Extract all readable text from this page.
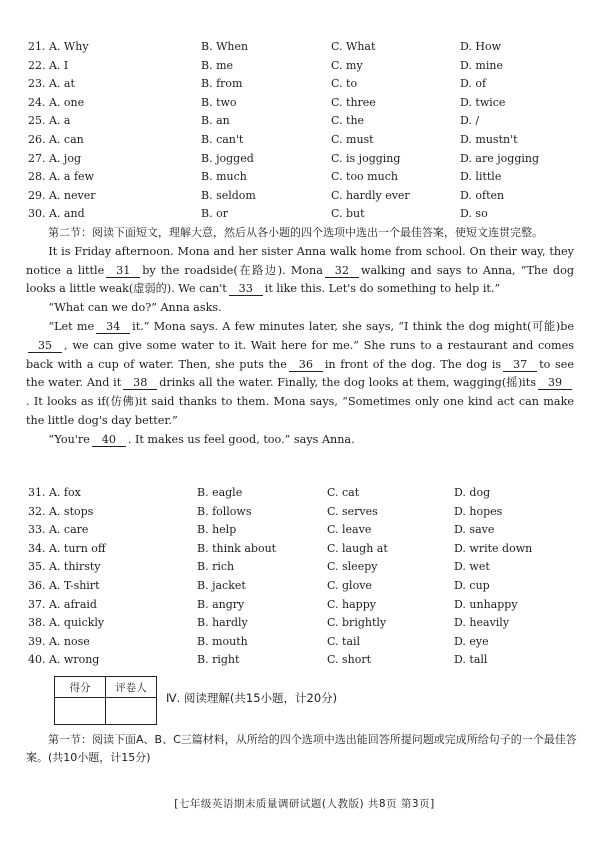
21. A. Why	B. When	C. What	D. How
22. A. I	B. me	C. my	D. mine
23. A. at	B. from	C. to	D. of
24. A. one	B. two	C. three	D. twice
25. A. a	B. an	C. the	D. /
26. A. can	B. can't	C. must	D. mustn't
27. A. jog	B. jogged	C. is jogging	D. are jogging
28. A. a few	B. much	C. too much	D. little
29. A. never	B. seldom	C. hardly ever	D. often
30. A. and	B. or	C. but	D. so

第二节：阅读下面短文，理解大意，然后从各小题的四个选项中选出一个最佳答案，使短文连贯完整。

It is Friday afternoon. Mona and her sister Anna walk home from school. On their way, they notice a little 31 by the roadside(在路边). Mona 32 walking and says to Anna, “The dog looks a little weak(虚弱的). We can't 33 it like this. Let's do something to help it.”

“What can we do?” Anna asks.

“Let me 34 it.” Mona says. A few minutes later, she says, “I think the dog might(可能)be35 , we can give some water to it. Wait here for me.” She runs to a restaurant and comes back with a cup of water. Then, she puts the 36 in front of the dog. The dog is 37 to see the water. And it 38 drinks all the water. Finally, the dog looks at them, wagging(摇)its 39. It looks as if(仿佛)it said thanks to them. Mona says, “Sometimes only one kind act can make the little dog's day better.”

“You're 40 . It makes us feel good, too.” says Anna.

31. A. fox	B. eagle	C. cat	D. dog
32. A. stops	B. follows	C. serves	D. hopes
33. A. care	B. help	C. leave	D. save
34. A. turn off	B. think about	C. laugh at	D. write down
35. A. thirsty	B. rich	C. sleepy	D. wet
36. A. T-shirt	B. jacket	C. glove	D. cup
37. A. afraid	B. angry	C. happy	D. unhappy
38. A. quickly	B. hardly	C. brightly	D. heavily
39. A. nose	B. mouth	C. tail	D. eye
40. A. wrong	B. right	C. short	D. tall
得分	评卷人

Ⅳ. 阅读理解(共15小题，计20分)
第一节：阅读下面A、B、C三篇材料，从所给的四个选项中选出能回答所提问题或完成所给句子的一个最佳答案。(共10小题，计15分)
[七年级英语期末质量调研试题(人教版) 共8页 第3页]
